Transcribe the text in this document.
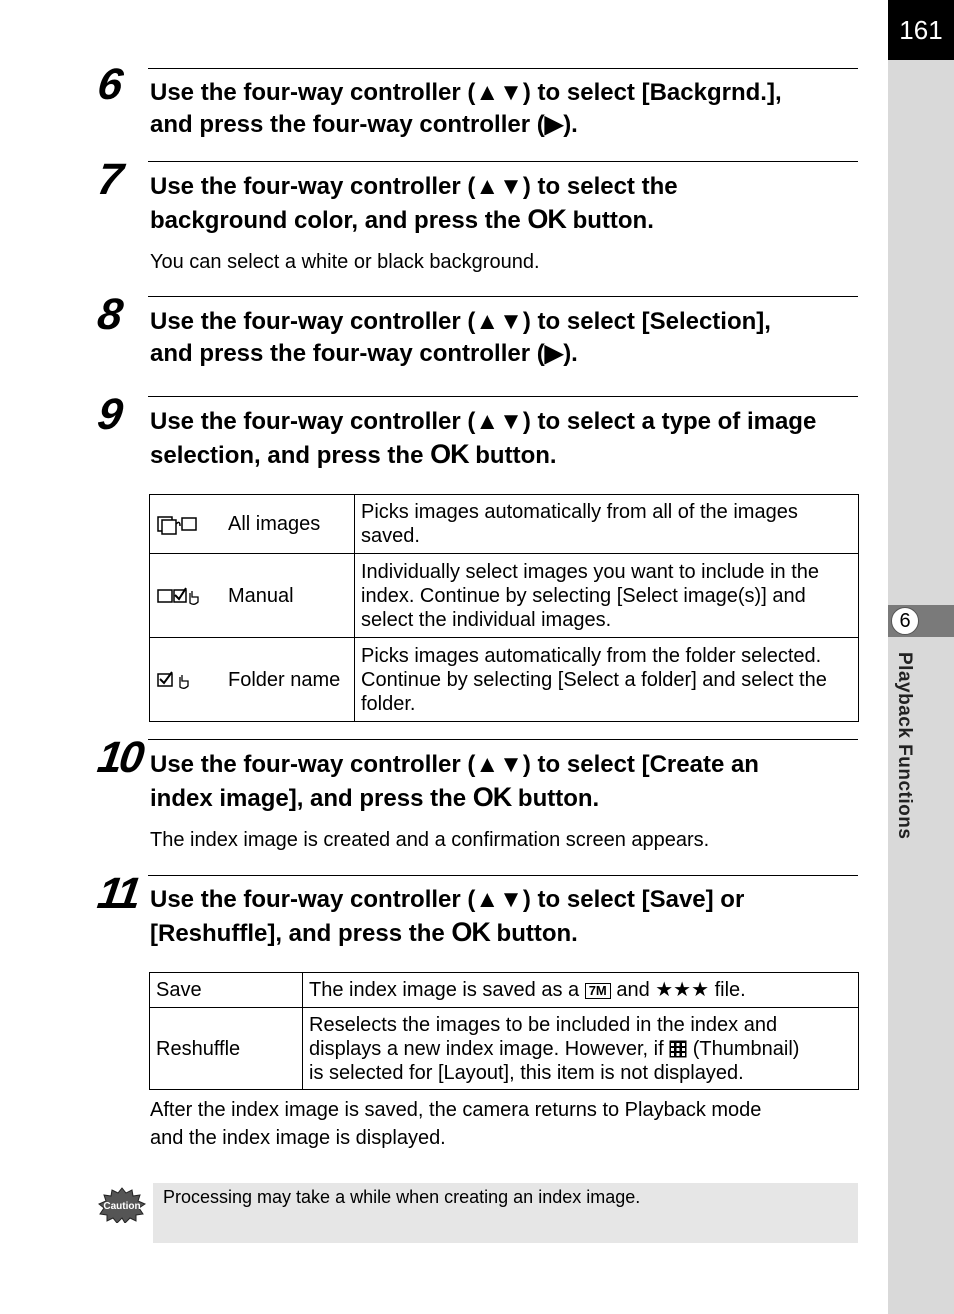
161
6
Playback Functions
6 Use the four-way controller (▲▼) to select [Backgrnd.],
and press the four-way controller (▶).
7 Use the four-way controller (▲▼) to select the
background color, and press the OK button.
You can select a white or black background.
8 Use the four-way controller (▲▼) to select [Selection],
and press the four-way controller (▶).
9 Use the four-way controller (▲▼) to select a type of image
selection, and press the OK button.
	All images	Picks images automatically from all of the images
saved.

	Manual	Individually select images you want to include in the
index. Continue by selecting [Select image(s)] and
select the individual images.

	Folder name	Picks images automatically from the folder selected.
Continue by selecting [Select a folder] and select the
folder.
10 Use the four-way controller (▲▼) to select [Create an
index image], and press the OK button.
The index image is created and a confirmation screen appears.
11 Use the four-way controller (▲▼) to select [Save] or
[Reshuffle], and press the OK button.
Save	The index image is saved as a 7M and ★★★ file.
Reshuffle	Reselects the images to be included in the index and
displays a new index image. However, if  (Thumbnail)
is selected for [Layout], this item is not displayed.
After the index image is saved, the camera returns to Playback mode
and the index image is displayed.
Processing may take a while when creating an index image.
Caution
